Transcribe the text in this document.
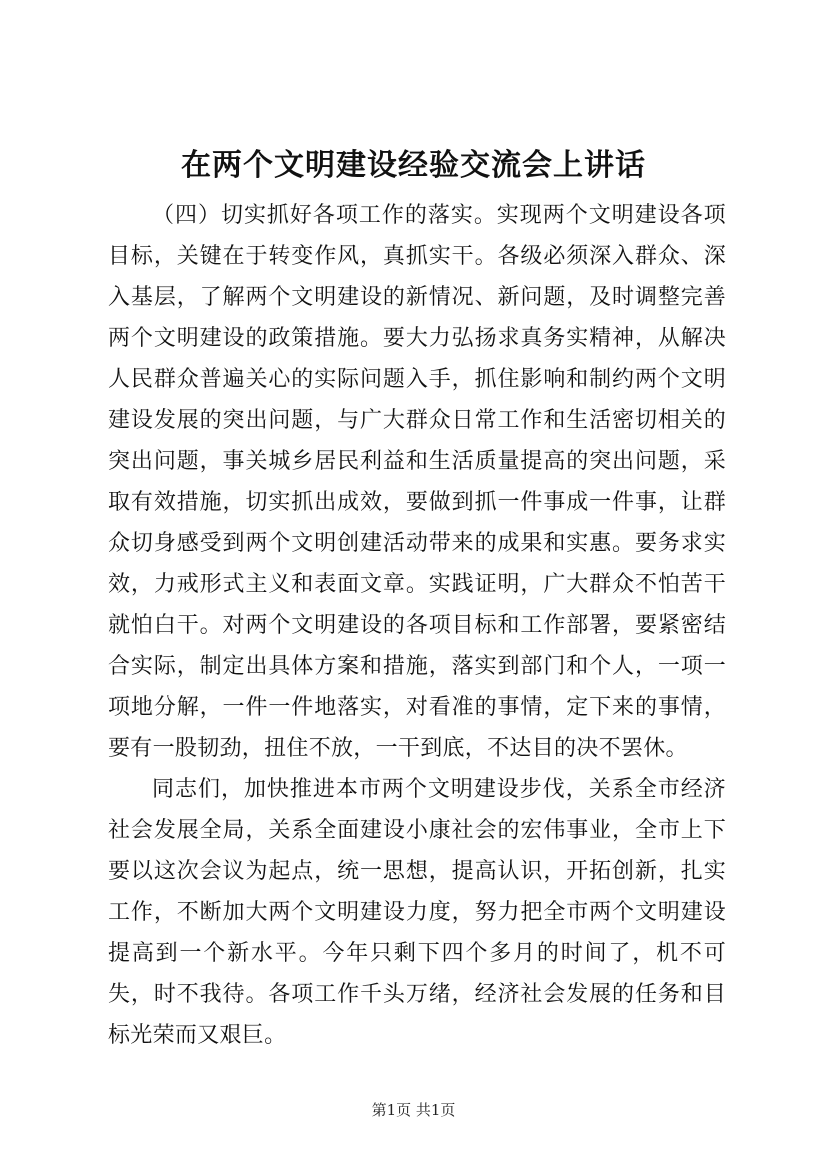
在两个文明建设经验交流会上讲话

（四）切实抓好各项工作的落实。实现两个文明建设各项目标，关键在于转变作风，真抓实干。各级必须深入群众、深入基层，了解两个文明建设的新情况、新问题，及时调整完善两个文明建设的政策措施。要大力弘扬求真务实精神，从解决人民群众普遍关心的实际问题入手，抓住影响和制约两个文明建设发展的突出问题，与广大群众日常工作和生活密切相关的突出问题，事关城乡居民利益和生活质量提高的突出问题，采取有效措施，切实抓出成效，要做到抓一件事成一件事，让群众切身感受到两个文明创建活动带来的成果和实惠。要务求实效，力戒形式主义和表面文章。实践证明，广大群众不怕苦干就怕白干。对两个文明建设的各项目标和工作部署，要紧密结合实际，制定出具体方案和措施，落实到部门和个人，一项一项地分解，一件一件地落实，对看准的事情，定下来的事情，要有一股韧劲，扭住不放，一干到底，不达目的决不罢休。

同志们，加快推进本市两个文明建设步伐，关系全市经济社会发展全局，关系全面建设小康社会的宏伟事业，全市上下要以这次会议为起点，统一思想，提高认识，开拓创新，扎实工作，不断加大两个文明建设力度，努力把全市两个文明建设提高到一个新水平。今年只剩下四个多月的时间了，机不可失，时不我待。各项工作千头万绪，经济社会发展的任务和目标光荣而又艰巨。

第1页 共1页
